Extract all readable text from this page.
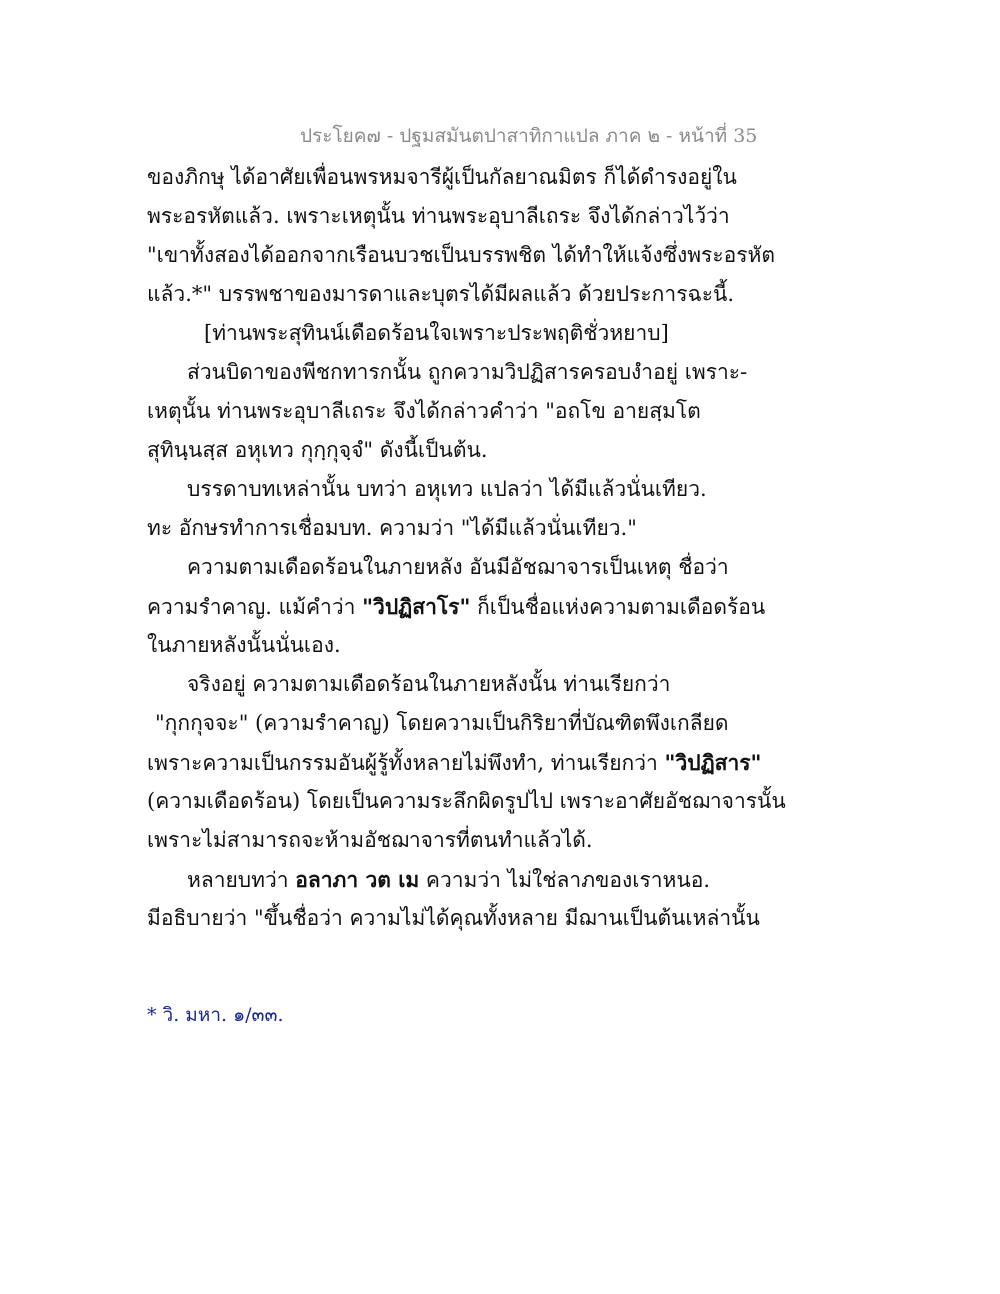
ประโยค๗ - ปฐมสมันตปาสาทิกาแปล ภาค ๒ - หน้าที่ 35
ของภิกษุ ได้อาศัยเพื่อนพรหมจารีผู้เป็นกัลยาณมิตร ก็ได้ดำรงอยู่ใน
พระอรหัตแล้ว. เพราะเหตุนั้น ท่านพระอุบาลีเถระ จึงได้กล่าวไว้ว่า
"เขาทั้งสองได้ออกจากเรือนบวชเป็นบรรพชิต ได้ทำให้แจ้งซึ่งพระอรหัต
แล้ว.*" บรรพชาของมารดาและบุตรได้มีผลแล้ว ด้วยประการฉะนี้.
[ท่านพระสุทินน์เดือดร้อนใจเพราะประพฤติชั่วหยาบ]
ส่วนบิดาของพีชกทารกนั้น ถูกความวิปฏิสารครอบงำอยู่ เพราะ-
เหตุนั้น ท่านพระอุบาลีเถระ จึงได้กล่าวคำว่า "อถโข อายสฺมโต
สุทินฺนสฺส อหุเทว กุกฺกุจฺจํ" ดังนี้เป็นต้น.
บรรดาบทเหล่านั้น บทว่า อหุเทว แปลว่า ได้มีแล้วนั่นเทียว.
ทะ อักษรทำการเชื่อมบท. ความว่า "ได้มีแล้วนั่นเทียว."
ความตามเดือดร้อนในภายหลัง อันมีอัชฌาจารเป็นเหตุ ชื่อว่า
ความรำคาญ. แม้คำว่า "วิปฏิสาโร" ก็เป็นชื่อแห่งความตามเดือดร้อน
ในภายหลังนั้นนั่นเอง.
จริงอยู่ ความตามเดือดร้อนในภายหลังนั้น ท่านเรียกว่า
"กุกกุจจะ" (ความรำคาญ) โดยความเป็นกิริยาที่บัณฑิตพึงเกลียด
เพราะความเป็นกรรมอันผู้รู้ทั้งหลายไม่พึงทำ, ท่านเรียกว่า "วิปฏิสาร"
(ความเดือดร้อน) โดยเป็นความระลึกผิดรูปไป เพราะอาศัยอัชฌาจารนั้น
เพราะไม่สามารถจะห้ามอัชฌาจารที่ตนทำแล้วได้.
หลายบทว่า อลาภา วต เม ความว่า ไม่ใช่ลาภของเราหนอ.
มีอธิบายว่า "ขึ้นชื่อว่า ความไม่ได้คุณทั้งหลาย มีฌานเป็นต้นเหล่านั้น
* วิ. มหา. ๑/๓๓.
